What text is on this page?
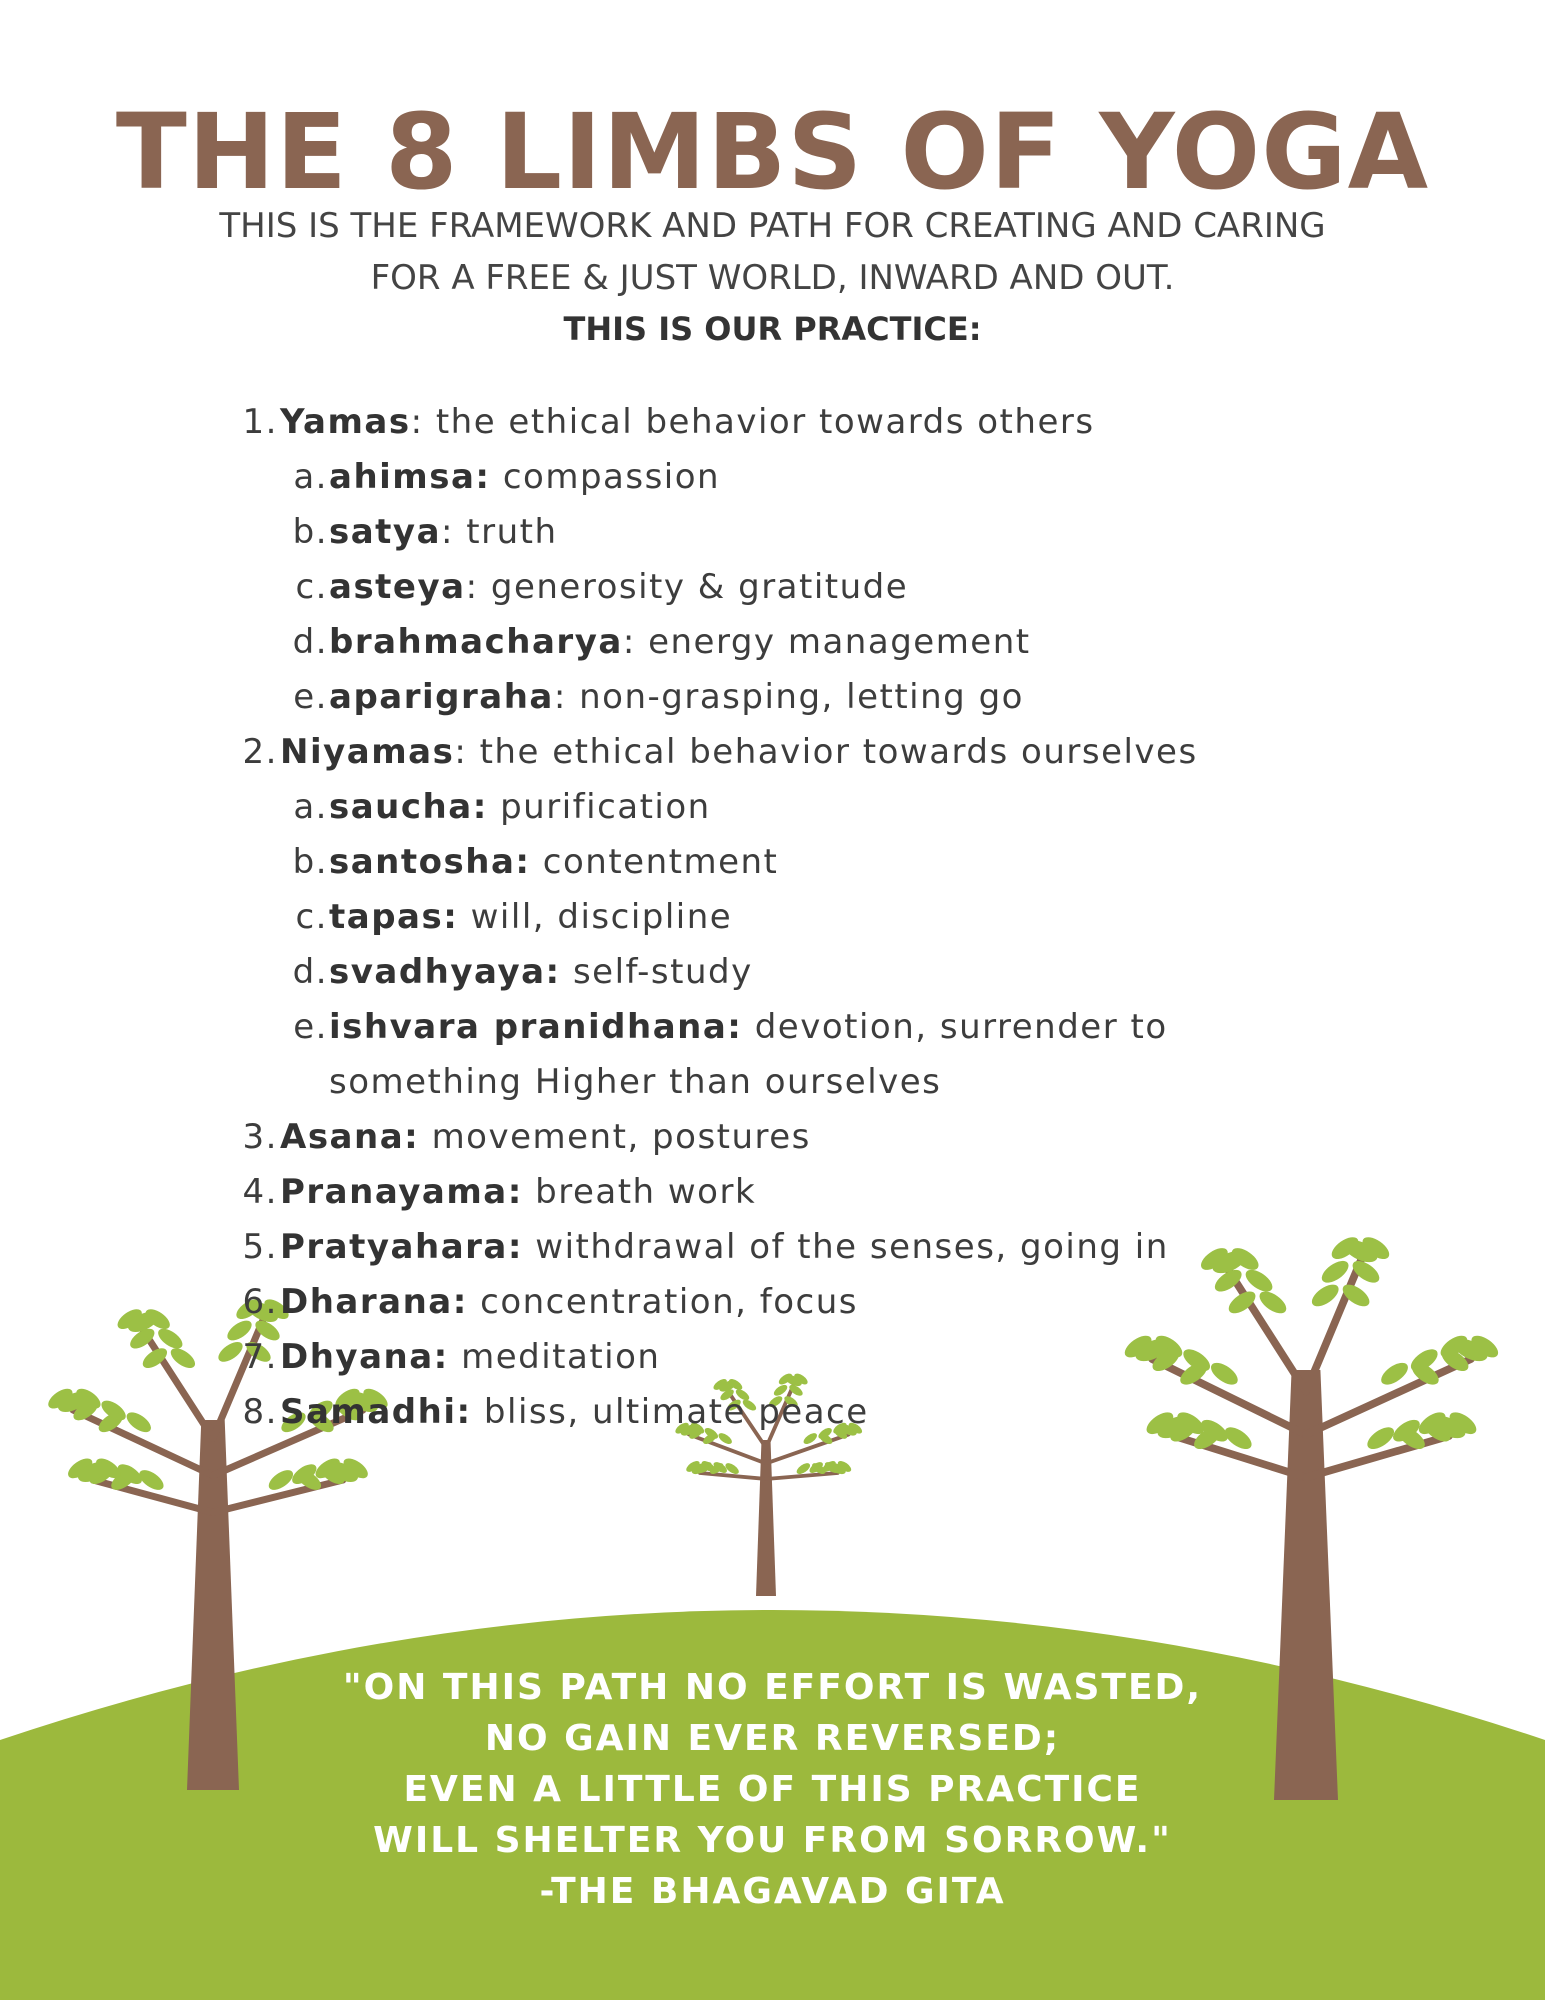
THE 8 LIMBS OF YOGA
THIS IS THE FRAMEWORK AND PATH FOR CREATING AND CARING
FOR A FREE & JUST WORLD, INWARD AND OUT.
THIS IS OUR PRACTICE:
1. Yamas: the ethical behavior towards others
a. ahimsa: compassion
b. satya: truth
c. asteya: generosity & gratitude
d. brahmacharya: energy management
e. aparigraha: non-grasping, letting go
2. Niyamas: the ethical behavior towards ourselves
a. saucha: purification
b. santosha: contentment
c. tapas: will, discipline
d. svadhyaya: self-study
e. ishvara pranidhana: devotion, surrender to
something Higher than ourselves
3. Asana: movement, postures
4. Pranayama: breath work
5. Pratyahara: withdrawal of the senses, going in
6. Dharana: concentration, focus
7. Dhyana: meditation
8. Samadhi: bliss, ultimate peace
"ON THIS PATH NO EFFORT IS WASTED,
NO GAIN EVER REVERSED;
EVEN A LITTLE OF THIS PRACTICE
WILL SHELTER YOU FROM SORROW."
-THE BHAGAVAD GITA
